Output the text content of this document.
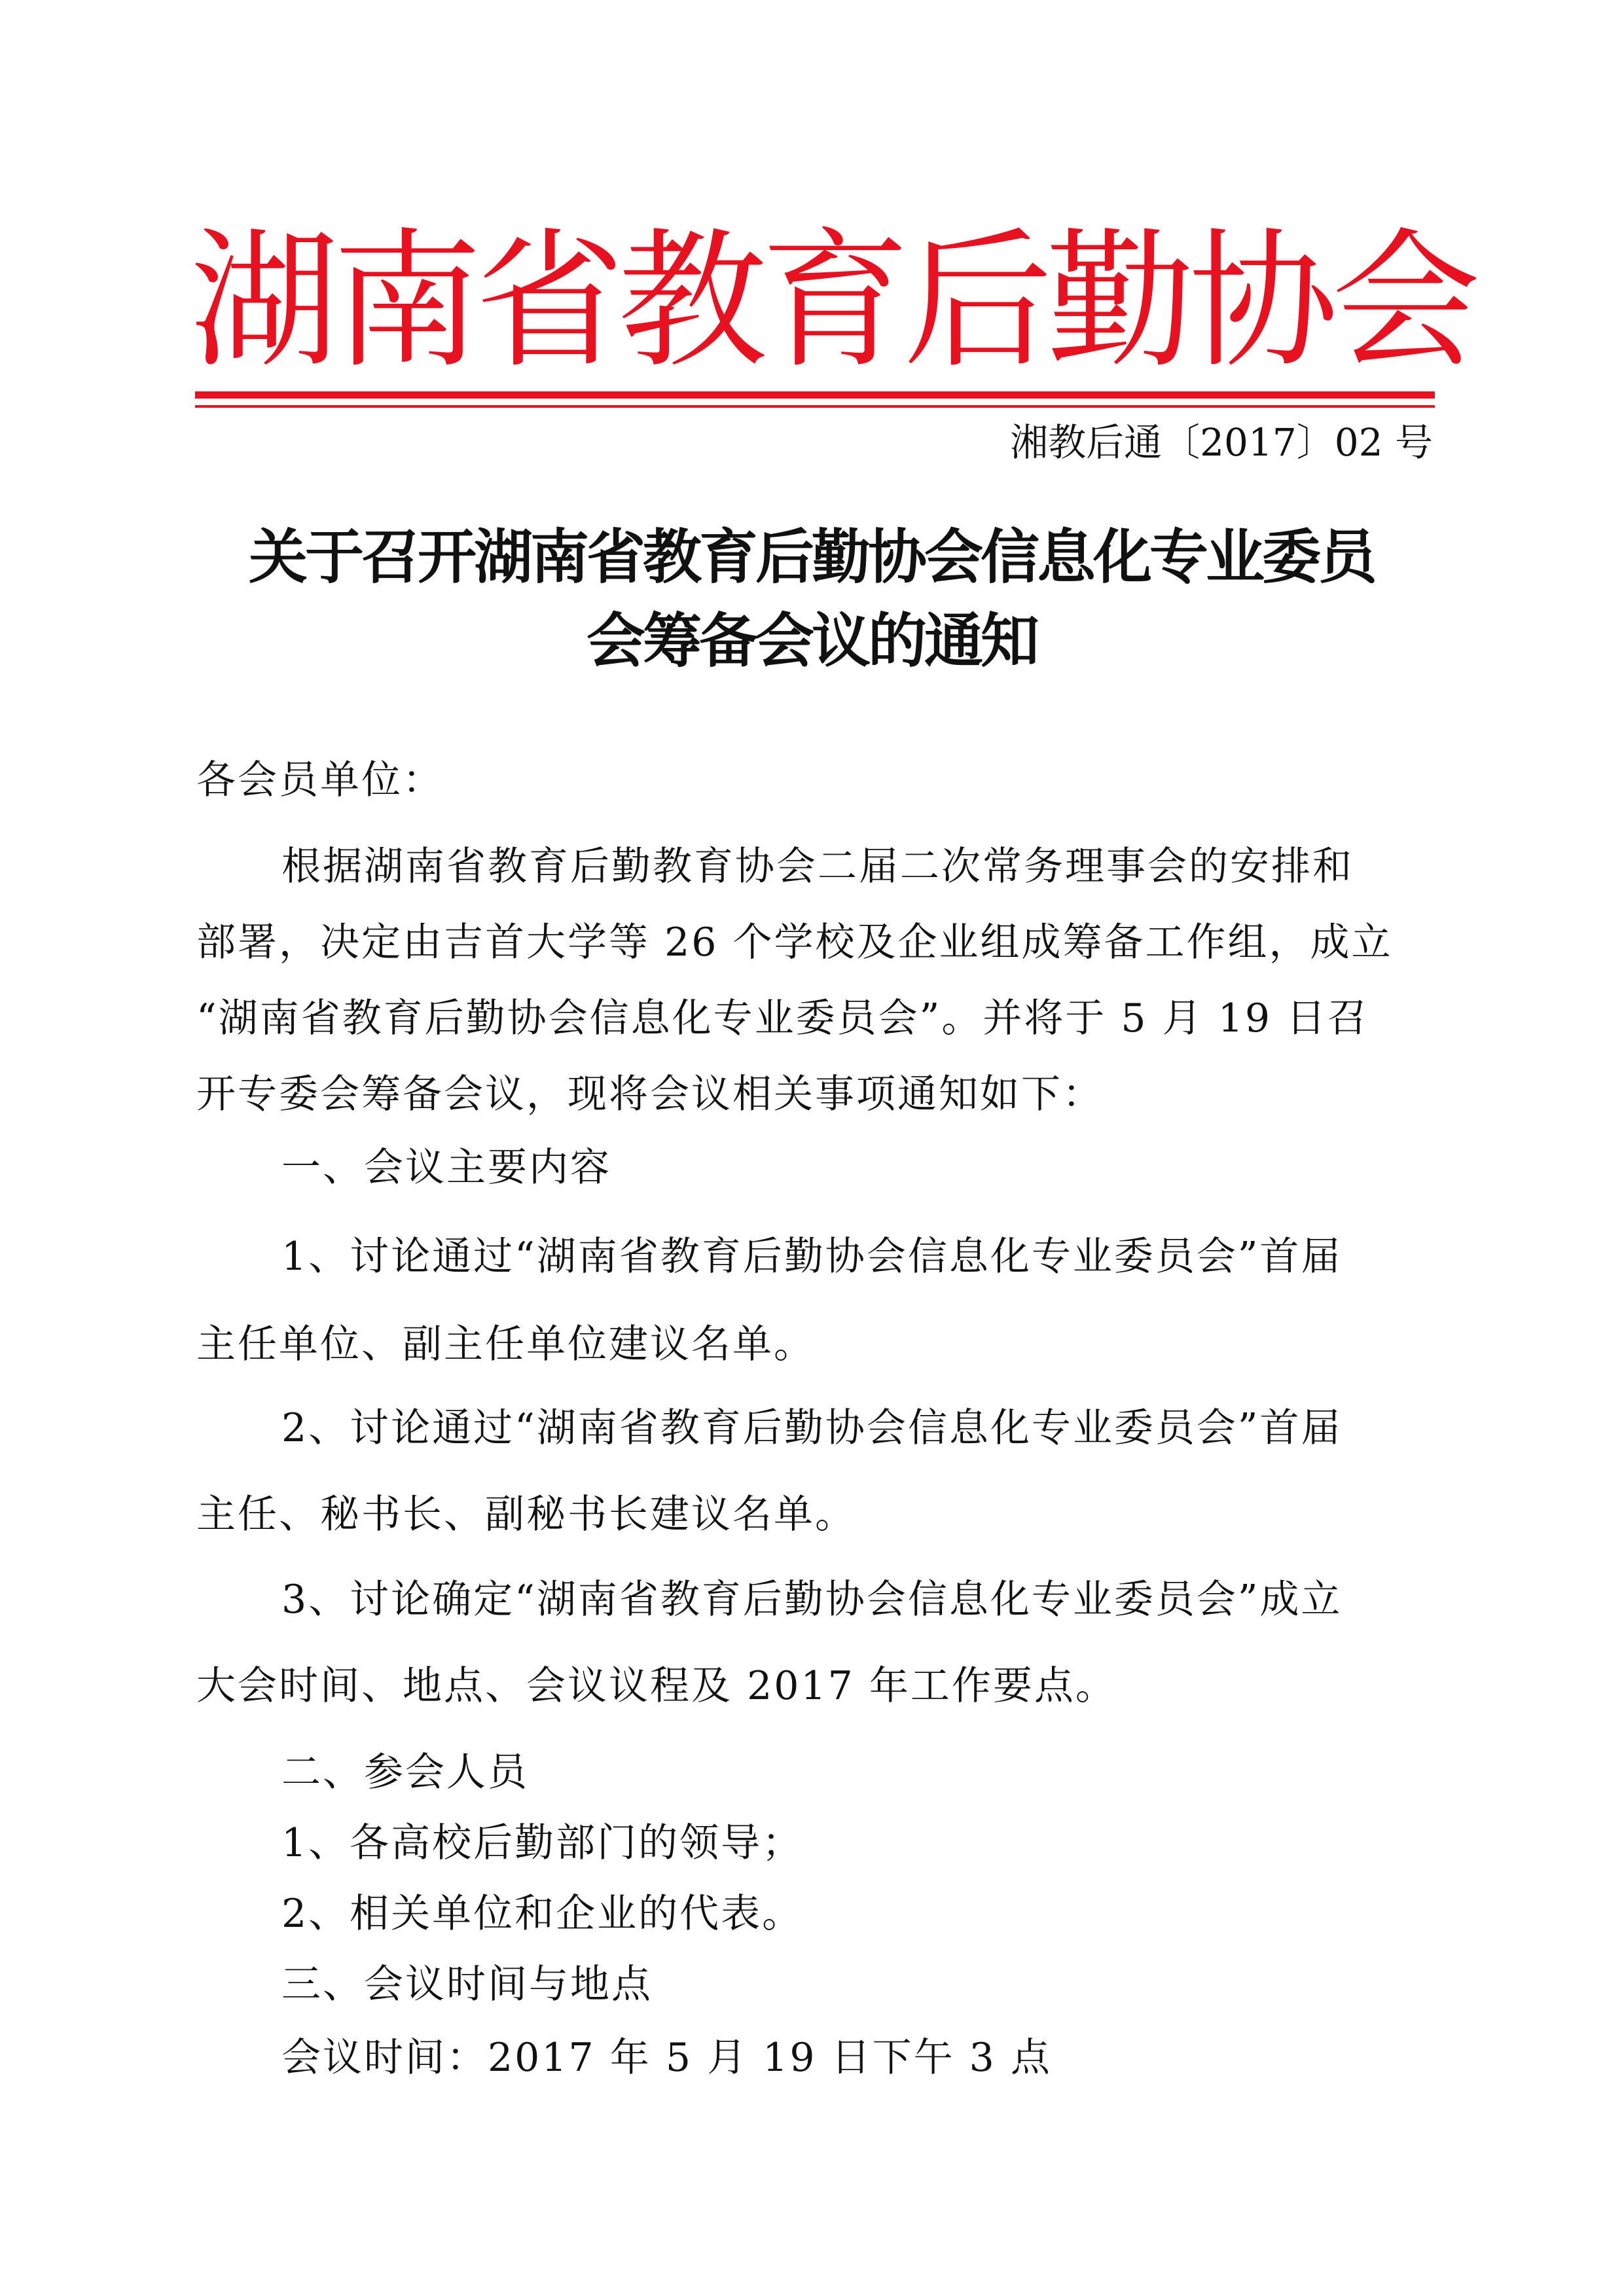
湖南省教育后勤协会
湘教后通〔2017〕02 号
关于召开湖南省教育后勤协会信息化专业委员
会筹备会议的通知
各会员单位：
根据湖南省教育后勤教育协会二届二次常务理事会的安排和
部署，决定由吉首大学等 26 个学校及企业组成筹备工作组，成立
“湖南省教育后勤协会信息化专业委员会”。并将于 5 月 19 日召
开专委会筹备会议，现将会议相关事项通知如下：
一、会议主要内容
1、讨论通过“湖南省教育后勤协会信息化专业委员会”首届
主任单位、副主任单位建议名单。
2、讨论通过“湖南省教育后勤协会信息化专业委员会”首届
主任、秘书长、副秘书长建议名单。
3、讨论确定“湖南省教育后勤协会信息化专业委员会”成立
大会时间、地点、会议议程及 2017 年工作要点。
二、参会人员
1、各高校后勤部门的领导；
2、相关单位和企业的代表。
三、会议时间与地点
会议时间：2017 年 5 月 19 日下午 3 点
